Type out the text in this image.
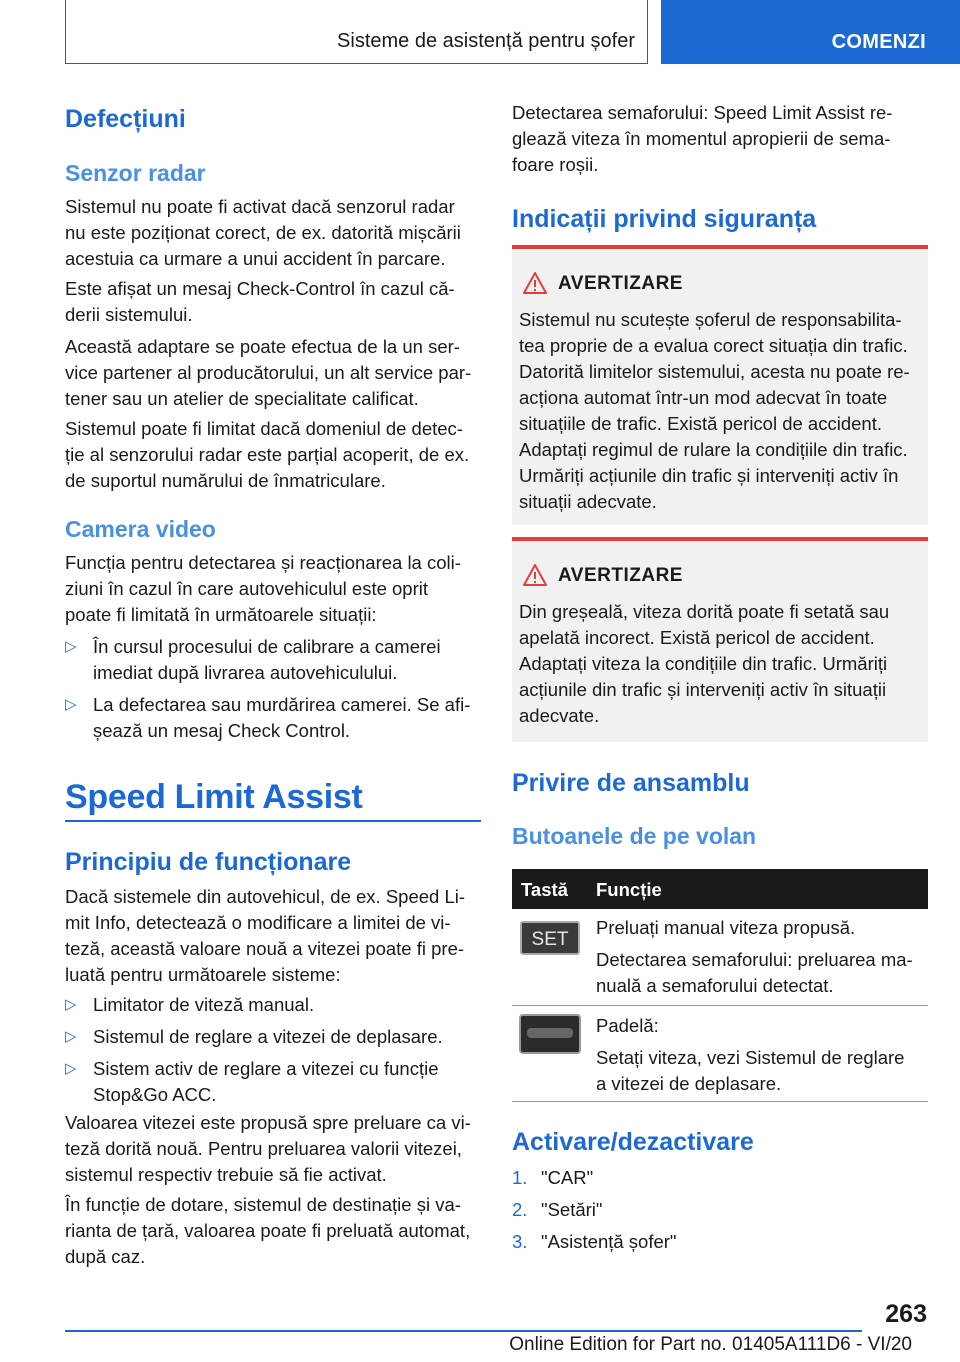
Sisteme de asistență pentru șofer	COMENZI
Defecțiuni
Senzor radar
Sistemul nu poate fi activat dacă senzorul radar
nu este poziționat corect, de ex. datorită mișcării
acestuia ca urmare a unui accident în parcare.
Este afișat un mesaj Check-Control în cazul că-
derii sistemului.
Această adaptare se poate efectua de la un ser-
vice partener al producătorului, un alt service par-
tener sau un atelier de specialitate calificat.
Sistemul poate fi limitat dacă domeniul de detec-
ție al senzorului radar este parțial acoperit, de ex.
de suportul numărului de înmatriculare.
Camera video
Funcția pentru detectarea și reacționarea la coli-
ziuni în cazul în care autovehiculul este oprit
poate fi limitată în următoarele situații:
▷ În cursul procesului de calibrare a camerei
imediat după livrarea autovehiculului.
▷ La defectarea sau murdărirea camerei. Se afi-
șează un mesaj Check Control.
Speed Limit Assist
Principiu de funcționare
Dacă sistemele din autovehicul, de ex. Speed Li-
mit Info, detectează o modificare a limitei de vi-
teză, această valoare nouă a vitezei poate fi pre-
luată pentru următoarele sisteme:
▷ Limitator de viteză manual.
▷ Sistemul de reglare a vitezei de deplasare.
▷ Sistem activ de reglare a vitezei cu funcție
Stop&Go ACC.
Valoarea vitezei este propusă spre preluare ca vi-
teză dorită nouă. Pentru preluarea valorii vitezei,
sistemul respectiv trebuie să fie activat.
În funcție de dotare, sistemul de destinație și va-
rianta de țară, valoarea poate fi preluată automat,
după caz.
Detectarea semaforului: Speed Limit Assist re-
glează viteza în momentul apropierii de sema-
foare roșii.
Indicații privind siguranța
AVERTIZARE
Sistemul nu scutește șoferul de responsabilita-
tea proprie de a evalua corect situația din trafic.
Datorită limitelor sistemului, acesta nu poate re-
acționa automat într-un mod adecvat în toate
situațiile de trafic. Există pericol de accident.
Adaptați regimul de rulare la condițiile din trafic.
Urmăriți acțiunile din trafic și interveniți activ în
situații adecvate.
AVERTIZARE
Din greșeală, viteza dorită poate fi setată sau
apelată incorect. Există pericol de accident.
Adaptați viteza la condițiile din trafic. Urmăriți
acțiunile din trafic și interveniți activ în situații
adecvate.
Privire de ansamblu
Butoanele de pe volan
Tastă Funcție
SET
Preluați manual viteza propusă.
Detectarea semaforului: preluarea ma-
nuală a semaforului detectat.
Padelă:
Setați viteza, vezi Sistemul de reglare
a vitezei de deplasare.
Activare/dezactivare
1. "CAR"
2. "Setări"
3. "Asistență șofer"
263
Online Edition for Part no. 01405A111D6 - VI/20
